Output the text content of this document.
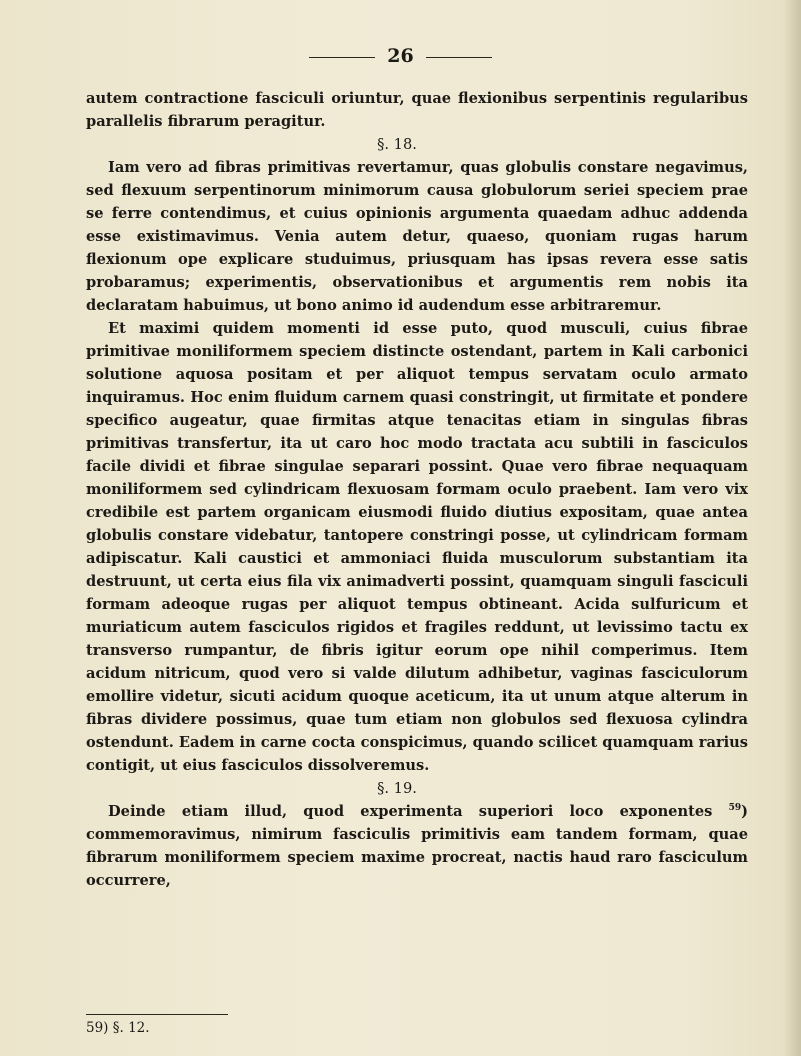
26

autem contractione fasciculi oriuntur, quae flexionibus serpentinis regularibus parallelis fibrarum peragitur.

§. 18.

Iam vero ad fibras primitivas revertamur, quas globulis constare negavimus, sed flexuum serpentinorum minimorum causa globulorum seriei speciem prae se ferre contendimus, et cuius opinionis argumenta quaedam adhuc addenda esse existimavimus. Venia autem detur, quaeso, quoniam rugas harum flexionum ope explicare studuimus, priusquam has ipsas revera esse satis probaramus; experimentis, observationibus et argumentis rem nobis ita declaratam habuimus, ut bono animo id audendum esse arbitraremur.

Et maximi quidem momenti id esse puto, quod musculi, cuius fibrae primitivae moniliformem speciem distincte ostendant, partem in Kali carbonici solutione aquosa positam et per aliquot tempus servatam oculo armato inquiramus. Hoc enim fluidum carnem quasi constringit, ut firmitate et pondere specifico augeatur, quae firmitas atque tenacitas etiam in singulas fibras primitivas transfertur, ita ut caro hoc modo tractata acu subtili in fasciculos facile dividi et fibrae singulae separari possint. Quae vero fibrae nequaquam moniliformem sed cylindricam flexuosam formam oculo praebent. Iam vero vix credibile est partem organicam eiusmodi fluido diutius expositam, quae antea globulis constare videbatur, tantopere constringi posse, ut cylindricam formam adipiscatur. Kali caustici et ammoniaci fluida musculorum substantiam ita destruunt, ut certa eius fila vix animadverti possint, quamquam singuli fasciculi formam adeoque rugas per aliquot tempus obtineant. Acida sulfuricum et muriaticum autem fasciculos rigidos et fragiles reddunt, ut levissimo tactu ex transverso rumpantur, de fibris igitur eorum ope nihil comperimus. Item acidum nitricum, quod vero si valde dilutum adhibetur, vaginas fasciculorum emollire videtur, sicuti acidum quoque aceticum, ita ut unum atque alterum in fibras dividere possimus, quae tum etiam non globulos sed flexuosa cylindra ostendunt. Eadem in carne cocta conspicimus, quando scilicet quamquam rarius contigit, ut eius fasciculos dissolveremus.

§. 19.

Deinde etiam illud, quod experimenta superiori loco exponentes $^{59}$) commemoravimus, nimirum fasciculis primitivis eam tandem formam, quae fibrarum moniliformem speciem maxime procreat, nactis haud raro fasciculum occurrere,

59) §. 12.
